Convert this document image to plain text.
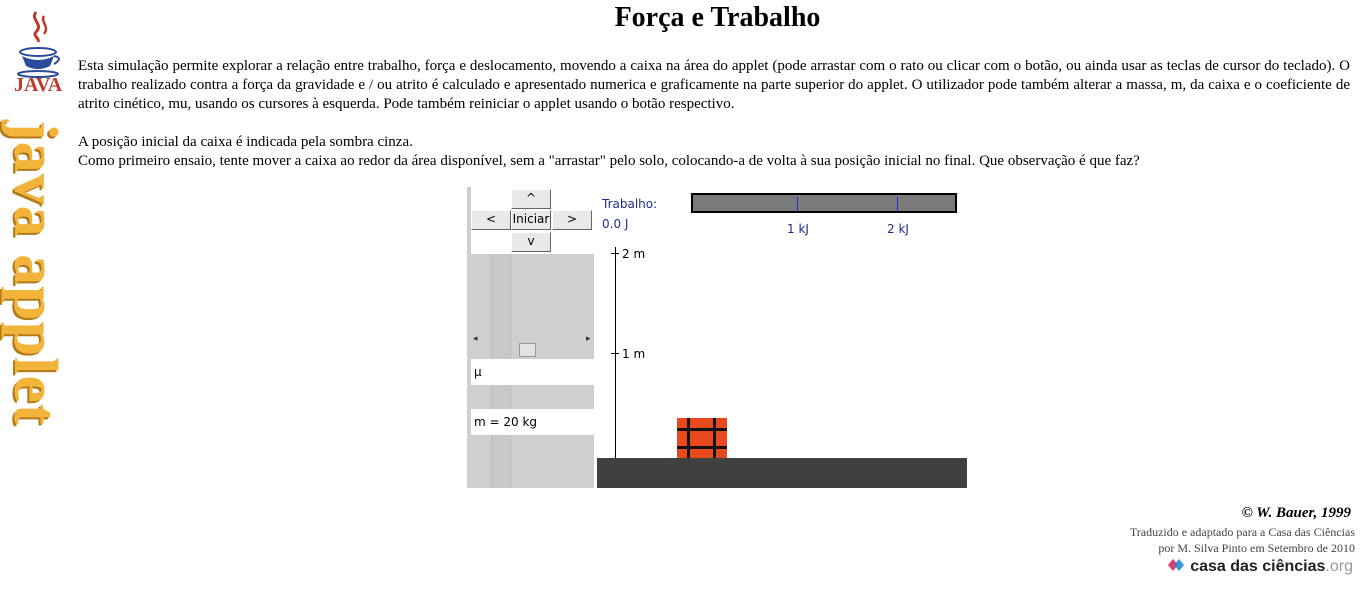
JAVA
java applet
Força e Trabalho

Esta simulação permite explorar a relação entre trabalho, força e deslocamento, movendo a caixa na área do applet (pode arrastar com o rato ou clicar com o botão, ou ainda usar as teclas de cursor do teclado). O trabalho realizado contra a força da gravidade e / ou atrito é calculado e apresentado numerica e graficamente na parte superior do applet. O utilizador pode também alterar a massa, m, da caixa e o coeficiente de atrito cinético, mu, usando os cursores à esquerda. Pode também reiniciar o applet usando o botão respectivo.

A posição inicial da caixa é indicada pela sombra cinza.

Como primeiro ensaio, tente mover a caixa ao redor da área disponível, sem a "arrastar" pelo solo, colocando-a de volta à sua posição inicial no final. Que observação é que faz?

^
<	Iniciar	>
v
◂	▸
μ
m = 20 kg
Trabalho:
0.0 J	1 kJ	2 kJ
2 m
1 m
© W. Bauer, 1999
Traduzido e adaptado para a Casa das Ciências
por M. Silva Pinto em Setembro de 2010
casa das ciências.org
